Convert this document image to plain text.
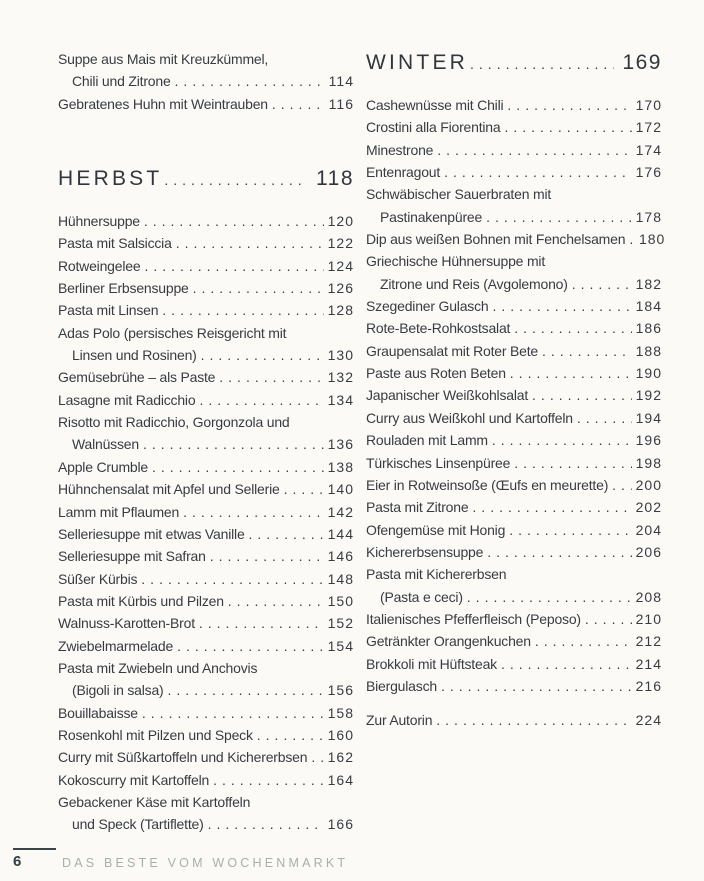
Suppe aus Mais mit Kreuzkümmel,
Chili und Zitrone .....	114
Gebratenes Huhn mit Weintrauben .....	116
HERBST .....	118
Hühnersuppe .....	120
Pasta mit Salsiccia .....	122
Rotweingelee .....	124
Berliner Erbsensuppe .....	126
Pasta mit Linsen .....	128
Adas Polo (persisches Reisgericht mit
Linsen und Rosinen) .....	130
Gemüsebrühe – als Paste .....	132
Lasagne mit Radicchio .....	134
Risotto mit Radicchio, Gorgonzola und
Walnüssen .....	136
Apple Crumble .....	138
Hühnchensalat mit Apfel und Sellerie .....	140
Lamm mit Pflaumen .....	142
Selleriesuppe mit etwas Vanille .....	144
Selleriesuppe mit Safran .....	146
Süßer Kürbis .....	148
Pasta mit Kürbis und Pilzen .....	150
Walnuss-Karotten-Brot .....	152
Zwiebelmarmelade .....	154
Pasta mit Zwiebeln und Anchovis
(Bigoli in salsa) .....	156
Bouillabaisse .....	158
Rosenkohl mit Pilzen und Speck .....	160
Curry mit Süßkartoffeln und Kichererbsen ..... 162
Kokoscurry mit Kartoffeln .....	164
Gebackener Käse mit Kartoffeln
und Speck (Tartiflette) .....	166
WINTER .....	169
Cashewnüsse mit Chili .....	170
Crostini alla Fiorentina .....	172
Minestrone .....	174
Entenragout .....	176
Schwäbischer Sauerbraten mit
Pastinakenpüree .....	178
Dip aus weißen Bohnen mit Fenchelsamen ..... 180
Griechische Hühnersuppe mit
Zitrone und Reis (Avgolemono) .....	182
Szegediner Gulasch .....	184
Rote-Bete-Rohkostsalat .....	186
Graupensalat mit Roter Bete .....	188
Paste aus Roten Beten .....	190
Japanischer Weißkohlsalat .....	192
Curry aus Weißkohl und Kartoffeln .....	194
Rouladen mit Lamm .....	196
Türkisches Linsenpüree .....	198
Eier in Rotweinsoße (Œufs en meurette) ..... 200
Pasta mit Zitrone .....	202
Ofengemüse mit Honig .....	204
Kichererbsensuppe .....	206
Pasta mit Kichererbsen
(Pasta e ceci) .....	208
Italienisches Pfefferfleisch (Peposo) .....	210
Getränkter Orangenkuchen .....	212
Brokkoli mit Hüftsteak .....	214
Biergulasch .....	216
Zur Autorin .....	224
6	DAS BESTE VOM WOCHENMARKT
